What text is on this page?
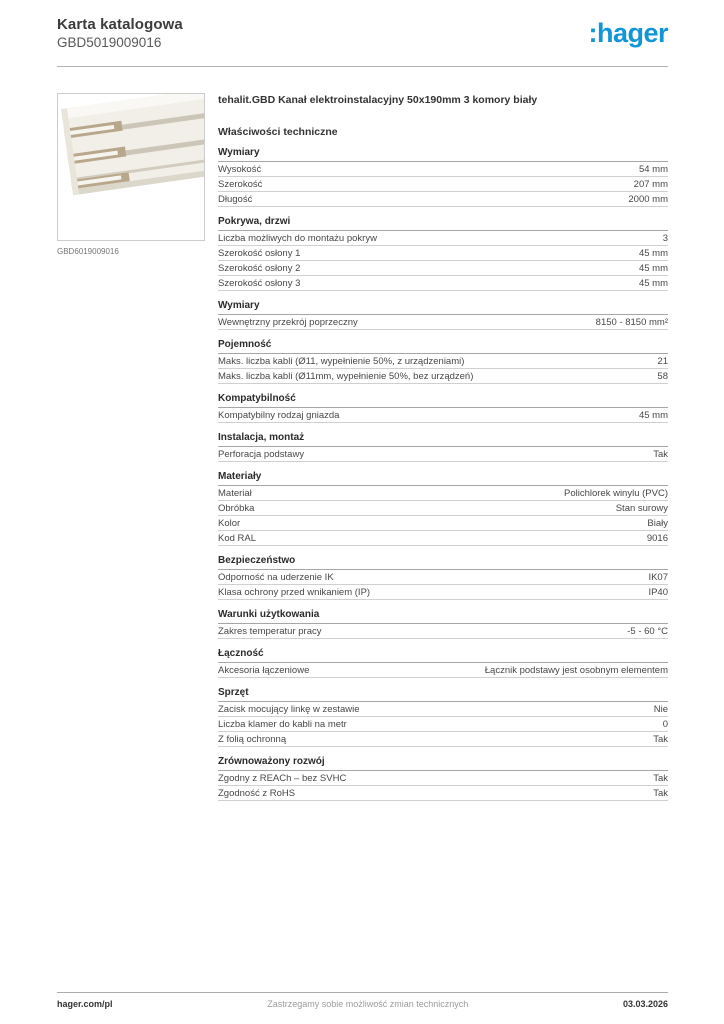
Karta katalogowa
GBD5019009016	:hager
GBD6019009016
tehalit.GBD Kanał elektroinstalacyjny 50x190mm 3 komory biały
Właściwości techniczne
Wymiary
Wysokość	54 mm
Szerokość	207 mm
Długość	2000 mm
Pokrywa, drzwi
Liczba możliwych do montażu pokryw	3
Szerokość osłony 1	45 mm
Szerokość osłony 2	45 mm
Szerokość osłony 3	45 mm
Wymiary
Wewnętrzny przekrój poprzeczny	8150 - 8150 mm²
Pojemność
Maks. liczba kabli (Ø11, wypełnienie 50%, z urządzeniami)	21
Maks. liczba kabli (Ø11mm, wypełnienie 50%, bez urządzeń)	58
Kompatybilność
Kompatybilny rodzaj gniazda	45 mm
Instalacja, montaż
Perforacja podstawy	Tak
Materiały
Materiał	Polichlorek winylu (PVC)
Obróbka	Stan surowy
Kolor	Biały
Kod RAL	9016
Bezpieczeństwo
Odporność na uderzenie IK	IK07
Klasa ochrony przed wnikaniem (IP)	IP40
Warunki użytkowania
Zakres temperatur pracy	-5 - 60 °C
Łączność
Akcesoria łączeniowe	Łącznik podstawy jest osobnym elementem
Sprzęt
Zacisk mocujący linkę w zestawie	Nie
Liczba klamer do kabli na metr	0
Z folią ochronną	Tak
Zrównoważony rozwój
Zgodny z REACh – bez SVHC	Tak
Zgodność z RoHS	Tak
hager.com/pl	Zastrzegamy sobie możliwość zmian technicznych	03.03.2026
